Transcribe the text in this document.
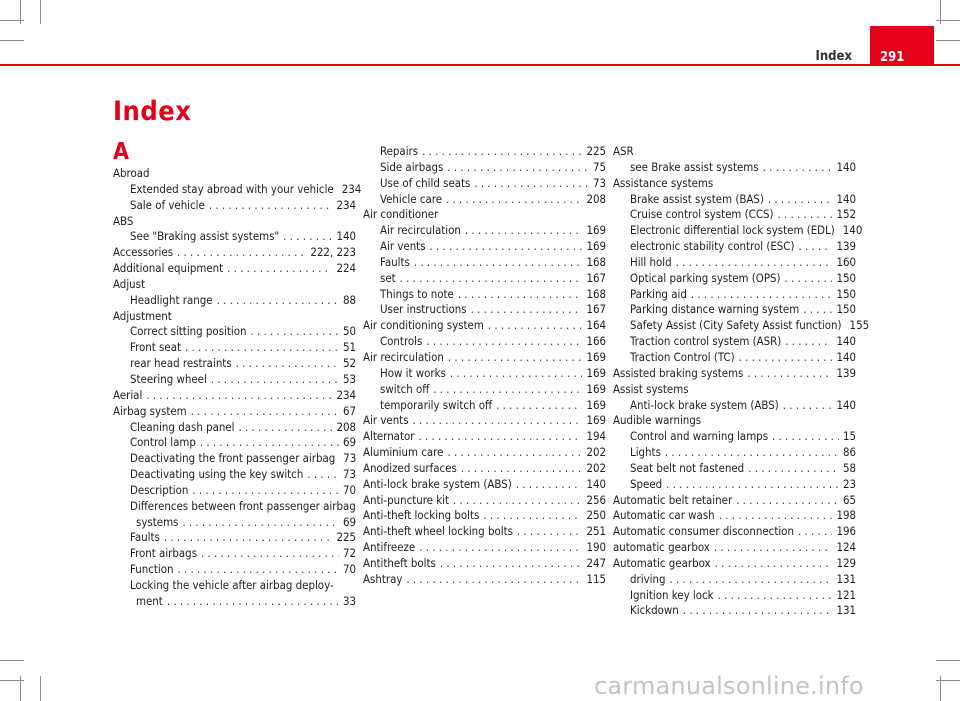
Index 291
Index
A
Abroad
Extended stay abroad with your vehicle 234
Sale of vehicle . . .	234
ABS
See "Braking assist systems" . . .	140
Accessories . . .	222, 223
Additional equipment . . .	224
Adjust
Headlight range . . .	88
Adjustment
Correct sitting position . . .	50
Front seat . . .	51
rear head restraints . . .	52
Steering wheel . . .	53
Aerial . . .	234
Airbag system . . .	67
Cleaning dash panel . . .	208
Control lamp . . .	69
Deactivating the front passenger airbag 73
Deactivating using the key switch . . .	73
Description . . .	70
Differences between front passenger airbag
systems . . .	69
Faults . . .	225
Front airbags . . .	72
Function . . .	70
Locking the vehicle after airbag deploy-
ment . . .	33
Repairs . . .	225
Side airbags . . .	75
Use of child seats . . .	73
Vehicle care . . .	208
Air conditioner
Air recirculation . . .	169
Air vents . . .	169
Faults . . .	168
set . . .	167
Things to note . . .	168
User instructions . . .	167
Air conditioning system . . .	164
Controls . . .	166
Air recirculation . . .	169
How it works . . .	169
switch off . . .	169
temporarily switch off . . .	169
Air vents . . .	169
Alternator . . .	194
Aluminium care . . .	202
Anodized surfaces . . .	202
Anti-lock brake system (ABS) . . .	140
Anti-puncture kit . . .	256
Anti-theft locking bolts . . .	250
Anti-theft wheel locking bolts . . .	251
Antifreeze . . .	190
Antitheft bolts . . .	247
Ashtray . . .	115
ASR
see Brake assist systems . . .	140
Assistance systems
Brake assist system (BAS) . . .	140
Cruise control system (CCS) . . .	152
Electronic differential lock system (EDL) 140
electronic stability control (ESC) . . .	139
Hill hold . . .	160
Optical parking system (OPS) . . .	150
Parking aid . . .	150
Parking distance warning system . . .	150
Safety Assist (City Safety Assist function) 155
Traction control system (ASR) . . .	140
Traction Control (TC) . . .	140
Assisted braking systems . . .	139
Assist systems
Anti-lock brake system (ABS) . . .	140
Audible warnings
Control and warning lamps . . .	15
Lights . . .	86
Seat belt not fastened . . .	58
Speed . . .	23
Automatic belt retainer . . .	65
Automatic car wash . . .	198
Automatic consumer disconnection . . .	196
automatic gearbox . . .	124
Automatic gearbox . . .	129
driving . . .	131
Ignition key lock . . .	121
Kickdown . . .	131
carmanualsonline.info
